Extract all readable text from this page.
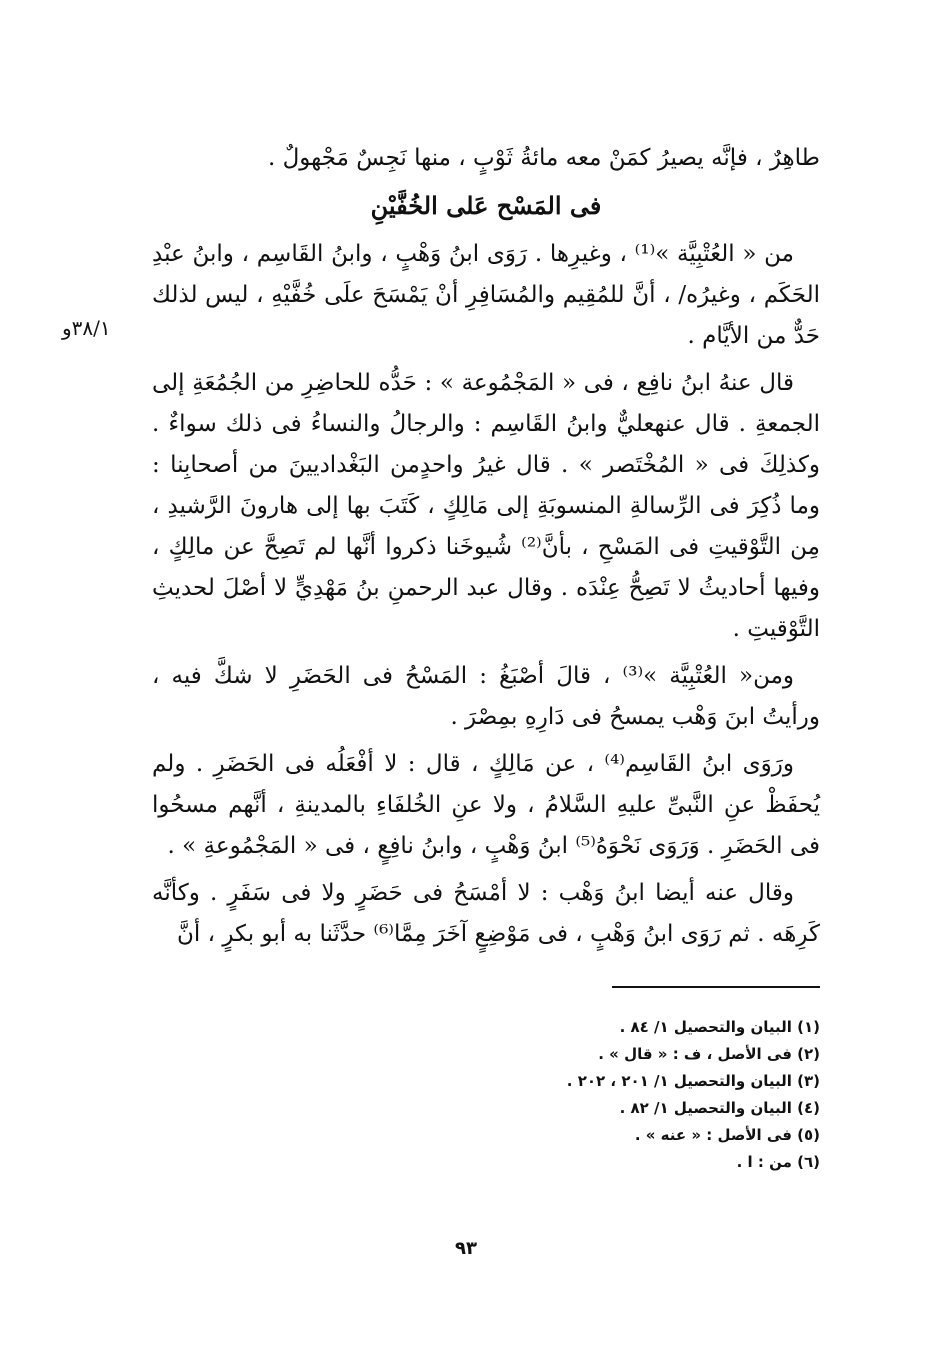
طاهِرٌ ، فإنَّه يصيرُ كمَنْ معه مائةُ ثَوْبٍ ، منها نَجِسٌ مَجْهولٌ .

فى المَسْح عَلى الخُفَّيْنِ

من « العُتْبِيَّة »⁽¹⁾ ، وغيرِها . رَوَى ابنُ وَهْبٍ ، وابنُ القَاسِم ، وابنُ عبْدِ الحَكَم ، وغيرُه/ ، أنَّ للمُقِيم والمُسَافِرِ أنْ يَمْسَحَ علَى خُفَّيْهِ ، ليس لذلك حَدٌّ من الأيَّام .

قال عنهُ ابنُ نافِع ، فى « المَجْمُوعة » : حَدُّه للحاضِرِ من الجُمُعَةِ إلى الجمعةِ . قال عنهعليٌّ وابنُ القَاسِم : والرجالُ والنساءُ فى ذلك سواءٌ . وكذلِكَ فى « المُخْتَصر » . قال غيرُ واحدٍمن البَغْداديينَ من أصحابِنا : وما ذُكِرَ فى الرِّسالةِ المنسوبَةِ إلى مَالِكٍ ، كَتَبَ بها إلى هارونَ الرَّشيدِ ، مِن التَّوْقيتِ فى المَسْحِ ، بأنَّ⁽²⁾ شُيوخَنا ذكروا أنَّها لم تَصِحَّ عن مالِكٍ ، وفيها أحاديثُ لا تَصِحُّ عِنْدَه . وقال عبد الرحمنِ بنُ مَهْدِيٍّ لا أصْلَ لحديثِ التَّوْقيتِ .

ومن« العُتْبِيَّة »⁽³⁾ ، قالَ أصْبَغُ : المَسْحُ فى الحَضَرِ لا شكَّ فيه ، ورأيتُ ابنَ وَهْب يمسحُ فى دَارِهِ بمِصْرَ .

ورَوَى ابنُ القَاسِم⁽⁴⁾ ، عن مَالِكٍ ، قال : لا أفْعَلُه فى الحَضَرِ . ولم يُحفَظْ عنِ النَّبىِّ عليهِ السَّلامُ ، ولا عنِ الخُلفَاءِ بالمدينةِ ، أنَّهم مسحُوا فى الحَضَرِ . وَرَوَى نَحْوَهُ⁽⁵⁾ ابنُ وَهْبٍ ، وابنُ نافِعٍ ، فى « المَجْمُوعةِ » .

وقال عنه أيضا ابنُ وَهْب : لا أمْسَحُ فى حَضَرٍ ولا فى سَفَرٍ . وكأنَّه كَرِهَه . ثم رَوَى ابنُ وَهْبٍ ، فى مَوْضِعٍ آخَرَ مِمَّا⁽⁶⁾ حدَّثَنا به أبو بكرٍ ، أنَّ

٣٨/١و
(١) البيان والتحصيل ١/ ٨٤ .
(٢) فى الأصل ، ف : « قال » .
(٣) البيان والتحصيل ١/ ٢٠١ ، ٢٠٢ .
(٤) البيان والتحصيل ١/ ٨٢ .
(٥) فى الأصل : « عنه » .
(٦) من : ا .
٩٣
